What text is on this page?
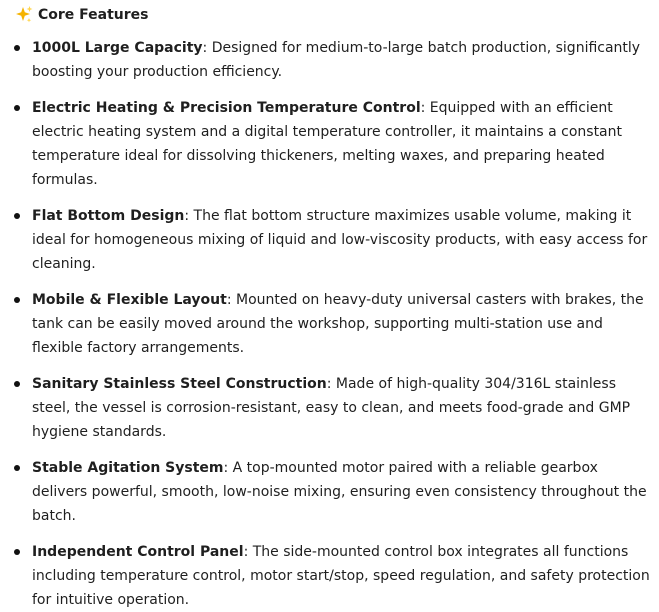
Core Features
1000L Large Capacity: Designed for medium-to-large batch production, significantly boosting your production efficiency.
Electric Heating & Precision Temperature Control: Equipped with an efficient electric heating system and a digital temperature controller, it maintains a constant temperature ideal for dissolving thickeners, melting waxes, and preparing heated formulas.
Flat Bottom Design: The flat bottom structure maximizes usable volume, making it ideal for homogeneous mixing of liquid and low-viscosity products, with easy access for cleaning.
Mobile & Flexible Layout: Mounted on heavy-duty universal casters with brakes, the tank can be easily moved around the workshop, supporting multi-station use and flexible factory arrangements.
Sanitary Stainless Steel Construction: Made of high-quality 304/316L stainless steel, the vessel is corrosion-resistant, easy to clean, and meets food-grade and GMP hygiene standards.
Stable Agitation System: A top-mounted motor paired with a reliable gearbox delivers powerful, smooth, low-noise mixing, ensuring even consistency throughout the batch.
Independent Control Panel: The side-mounted control box integrates all functions including temperature control, motor start/stop, speed regulation, and safety protection for intuitive operation.
